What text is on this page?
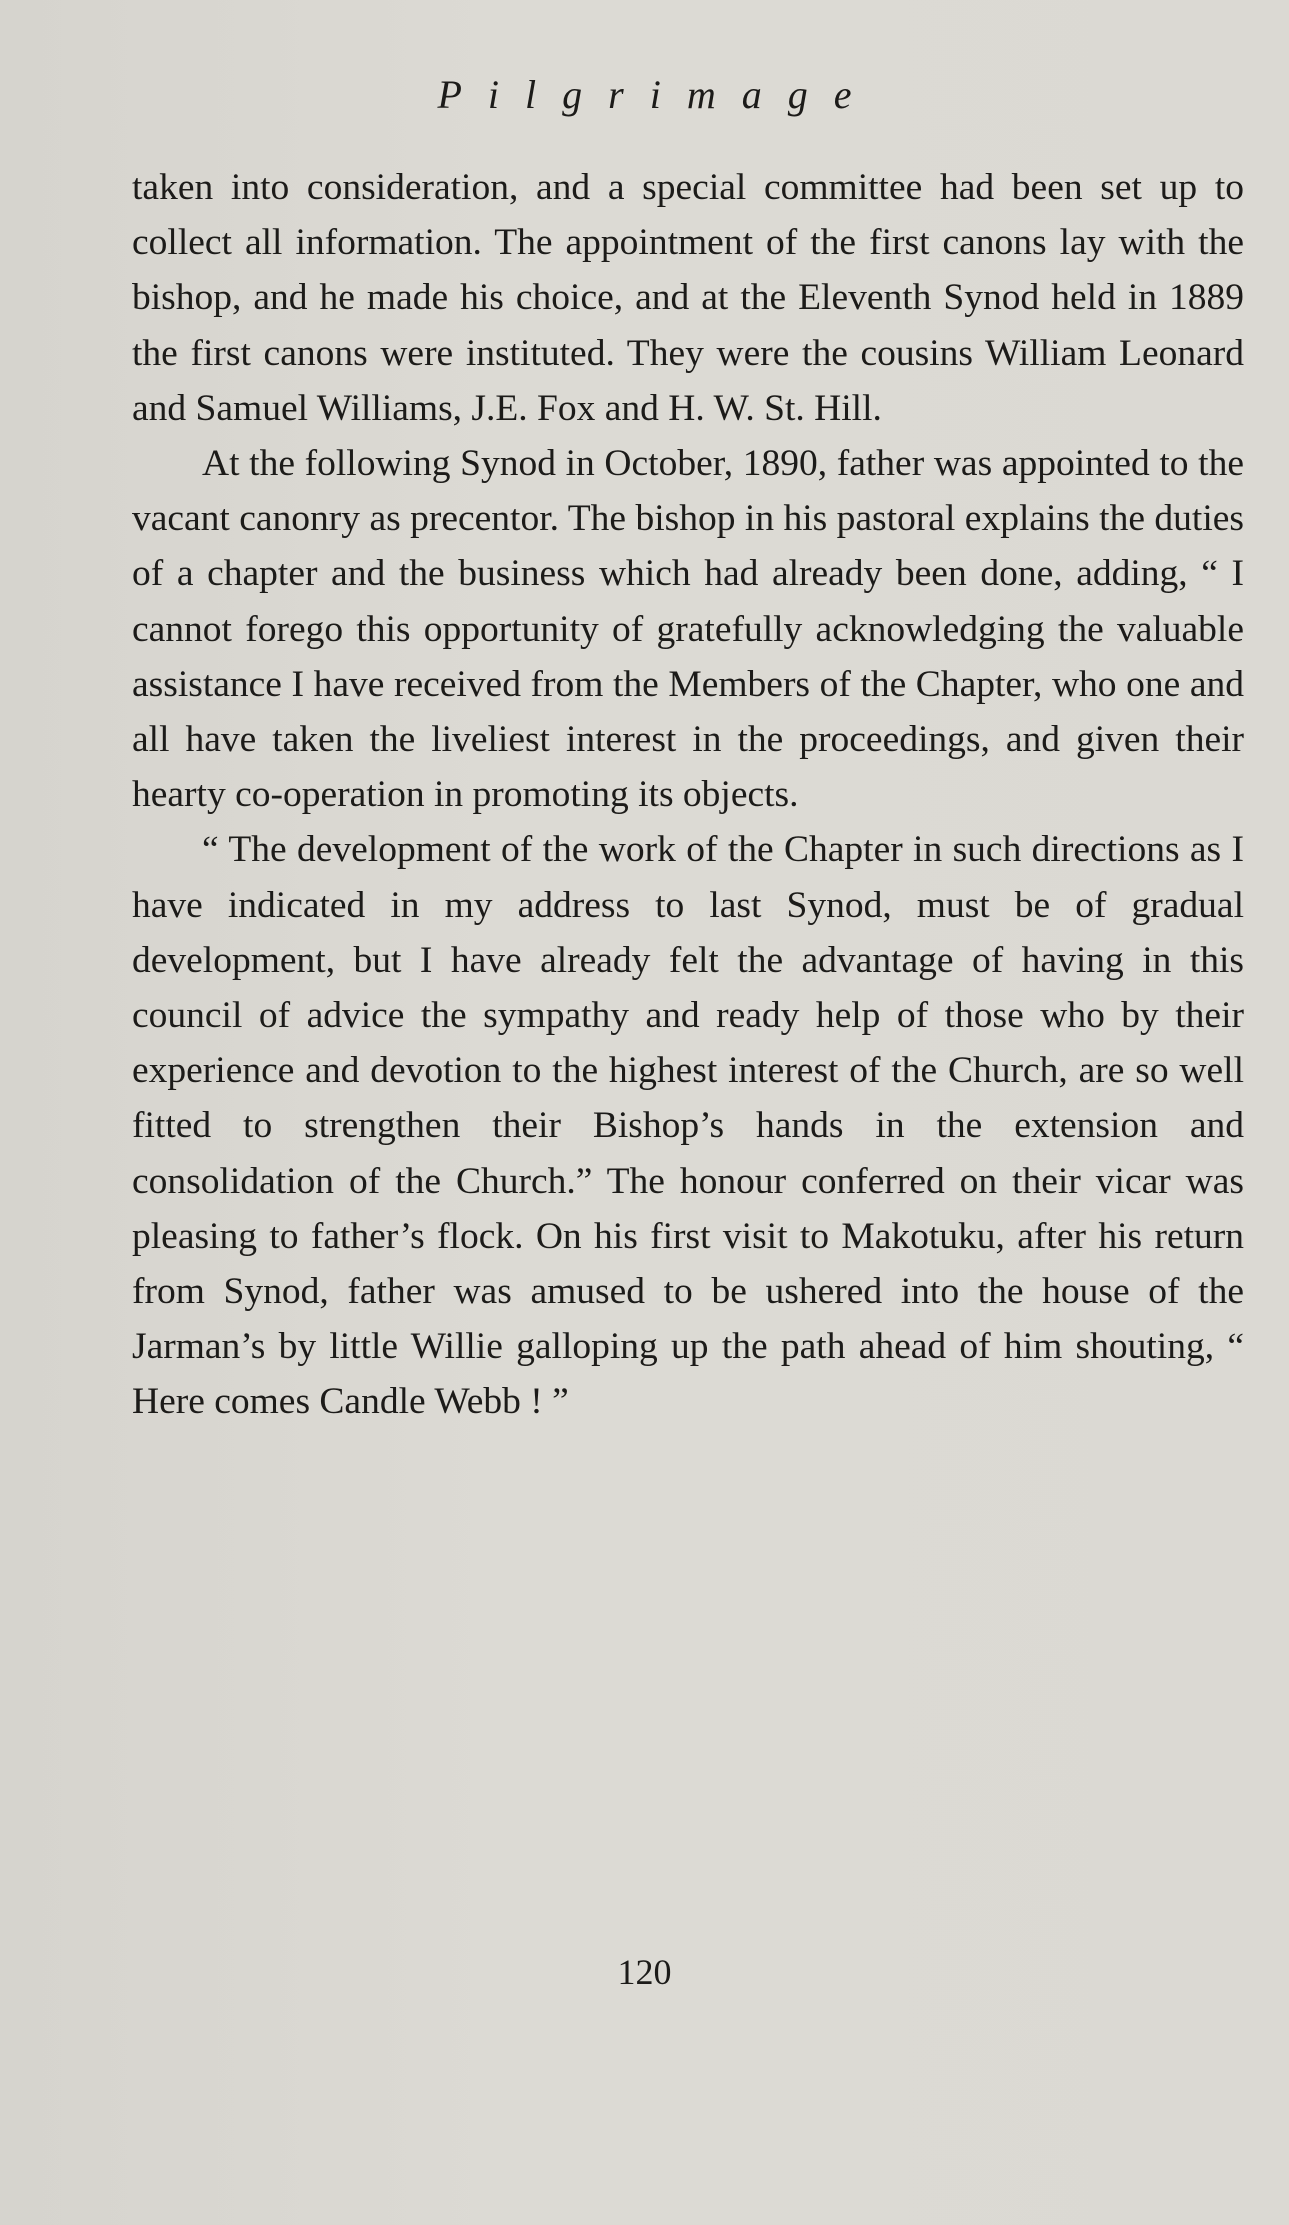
Pilgrimage

taken into consideration, and a special committee had been set up to collect all information. The appointment of the first canons lay with the bishop, and he made his choice, and at the Eleventh Synod held in 1889 the first canons were instituted. They were the cousins William Leonard and Samuel Williams, J.E. Fox and H. W. St. Hill.

At the following Synod in October, 1890, father was appointed to the vacant canonry as precentor. The bishop in his pastoral explains the duties of a chapter and the business which had already been done, adding, “ I cannot forego this opportunity of gratefully acknowledging the valuable assistance I have received from the Members of the Chapter, who one and all have taken the liveliest interest in the proceedings, and given their hearty co-operation in promoting its objects.

“ The development of the work of the Chapter in such directions as I have indicated in my address to last Synod, must be of gradual development, but I have already felt the advantage of having in this council of advice the sympathy and ready help of those who by their experience and devotion to the highest interest of the Church, are so well fitted to strengthen their Bishop’s hands in the extension and consolidation of the Church.” The honour conferred on their vicar was pleasing to father’s flock. On his first visit to Makotuku, after his return from Synod, father was amused to be ushered into the house of the Jarman’s by little Willie galloping up the path ahead of him shouting, “ Here comes Candle Webb ! ”

120
